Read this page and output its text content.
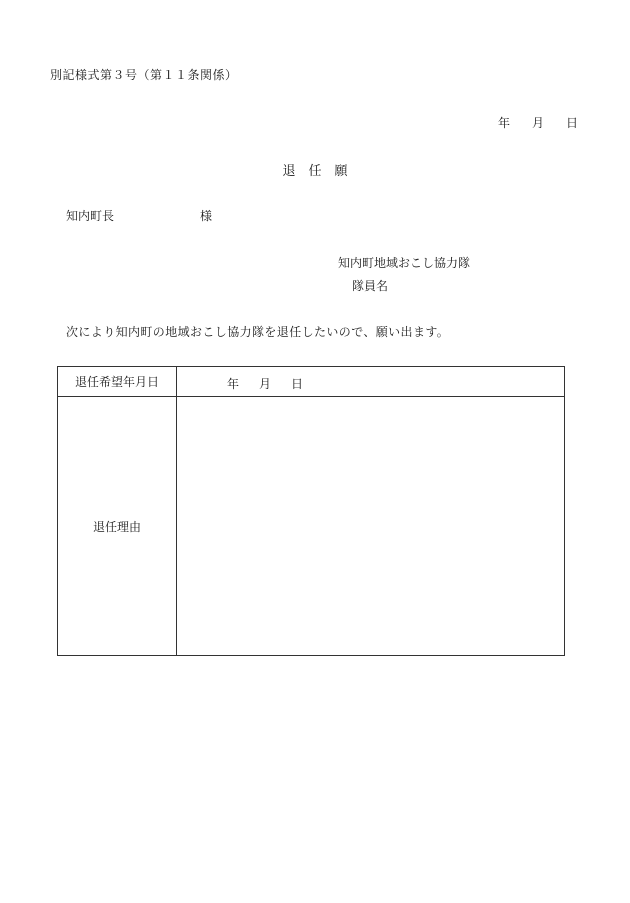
別記様式第３号（第１１条関係）
年 月 日
退　任　願
知内町長	様
知内町地域おこし協力隊
隊員名
次により知内町の地域おこし協力隊を退任したいので、願い出ます。
退任希望年月日	年 月 日
退任理由
